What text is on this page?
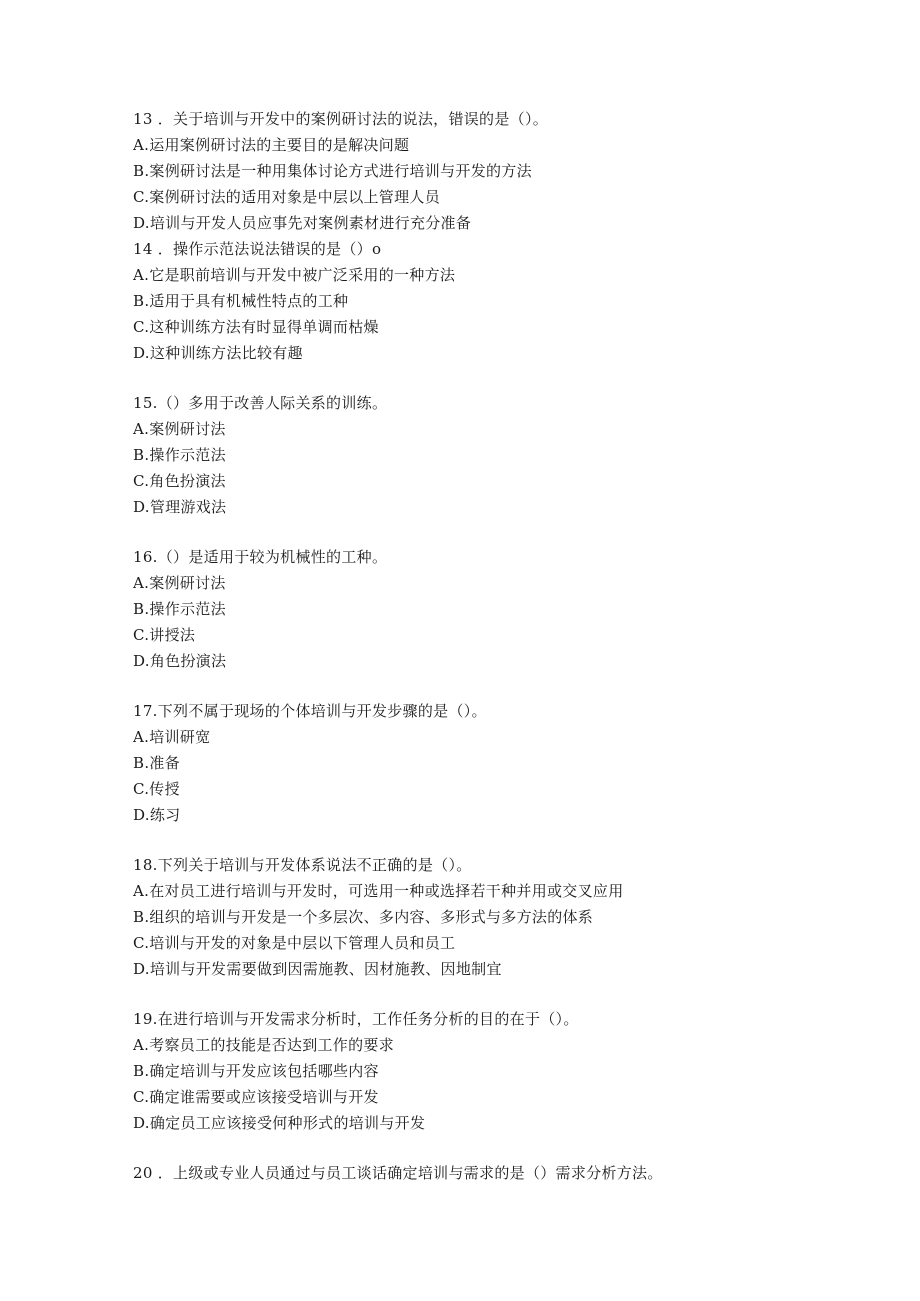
13 ．关于培训与开发中的案例研讨法的说法，错误的是（）。
A.运用案例研讨法的主要目的是解决问题
B.案例研讨法是一种用集体讨论方式进行培训与开发的方法
C.案例研讨法的适用对象是中层以上管理人员
D.培训与开发人员应事先对案例素材进行充分准备
14 ．操作示范法说法错误的是（）o
A.它是职前培训与开发中被广泛采用的一种方法
B.适用于具有机械性特点的工种
C.这种训练方法有时显得单调而枯燥
D.这种训练方法比较有趣
15.（）多用于改善人际关系的训练。
A.案例研讨法
B.操作示范法
C.角色扮演法
D.管理游戏法
16.（）是适用于较为机械性的工种。
A.案例研讨法
B.操作示范法
C.讲授法
D.角色扮演法
17.下列不属于现场的个体培训与开发步骤的是（）。
A.培训研宽
B.准备
C.传授
D.练习
18.下列关于培训与开发体系说法不正确的是（）。
A.在对员工进行培训与开发时，可选用一种或选择若干种并用或交叉应用
B.组织的培训与开发是一个多层次、多内容、多形式与多方法的体系
C.培训与开发的对象是中层以下管理人员和员工
D.培训与开发需要做到因需施教、因材施教、因地制宜
19.在进行培训与开发需求分析时，工作任务分析的目的在于（）。
A.考察员工的技能是否达到工作的要求
B.确定培训与开发应该包括哪些内容
C.确定谁需要或应该接受培训与开发
D.确定员工应该接受何种形式的培训与开发
20 ．上级或专业人员通过与员工谈话确定培训与需求的是（）需求分析方法。
